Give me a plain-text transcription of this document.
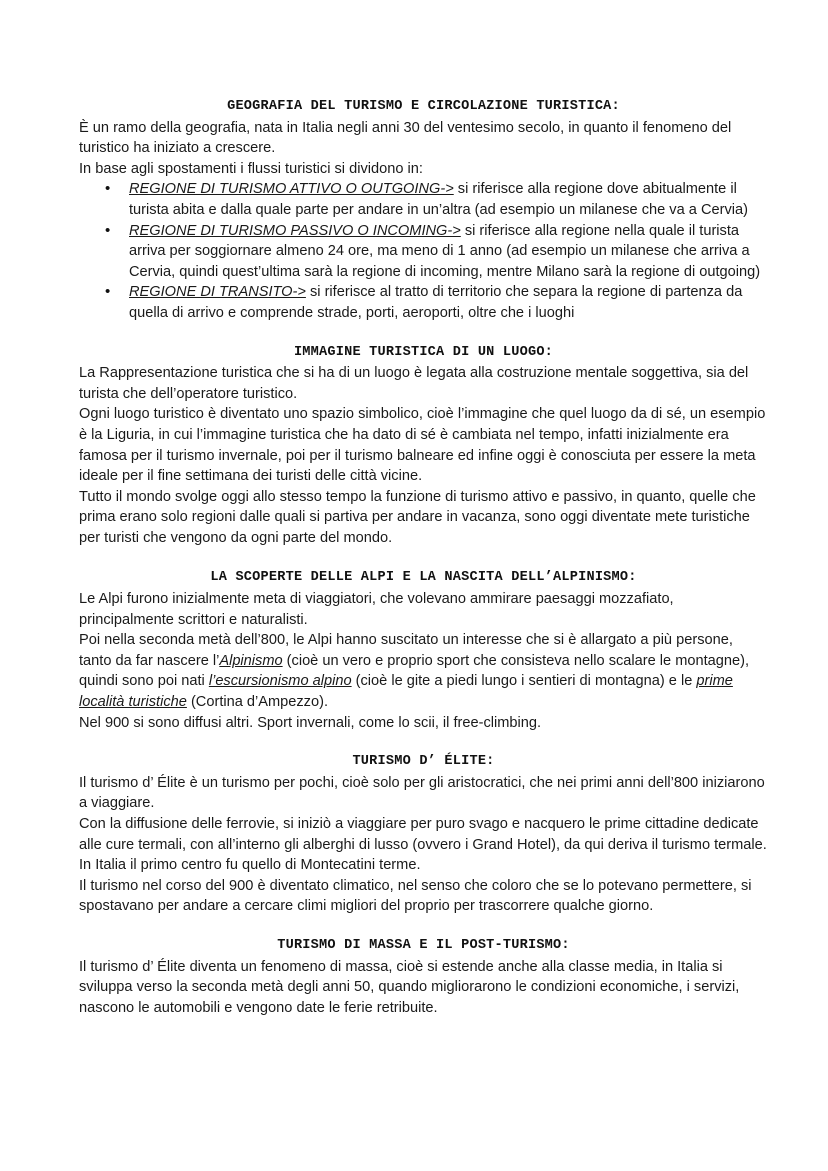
GEOGRAFIA DEL TURISMO E CIRCOLAZIONE TURISTICA:

È un ramo della geografia, nata in Italia negli anni 30 del ventesimo secolo, in quanto il fenomeno del turistico ha iniziato a crescere.

In base agli spostamenti i flussi turistici si dividono in:

• REGIONE DI TURISMO ATTIVO O OUTGOING-> si riferisce alla regione dove abitualmente il turista abita e dalla quale parte per andare in un’altra (ad esempio un milanese che va a Cervia)
• REGIONE DI TURISMO PASSIVO O INCOMING-> si riferisce alla regione nella quale il turista arriva per soggiornare almeno 24 ore, ma meno di 1 anno (ad esempio un milanese che arriva a Cervia, quindi quest’ultima sarà la regione di incoming, mentre Milano sarà la regione di outgoing)
• REGIONE DI TRANSITO-> si riferisce al tratto di territorio che separa la regione di partenza da quella di arrivo e comprende strade, porti, aeroporti, oltre che i luoghi
IMMAGINE TURISTICA DI UN LUOGO:

La Rappresentazione turistica che si ha di un luogo è legata alla costruzione mentale soggettiva, sia del turista che dell’operatore turistico.

Ogni luogo turistico è diventato uno spazio simbolico, cioè l’immagine che quel luogo da di sé, un esempio è la Liguria, in cui l’immagine turistica che ha dato di sé è cambiata nel tempo, infatti inizialmente era famosa per il turismo invernale, poi per il turismo balneare ed infine oggi è conosciuta per essere la meta ideale per il fine settimana dei turisti delle città vicine.

Tutto il mondo svolge oggi allo stesso tempo la funzione di turismo attivo e passivo, in quanto, quelle che prima erano solo regioni dalle quali si partiva per andare in vacanza, sono oggi diventate mete turistiche per turisti che vengono da ogni parte del mondo.

LA SCOPERTE DELLE ALPI E LA NASCITA DELL’ALPINISMO:

Le Alpi furono inizialmente meta di viaggiatori, che volevano ammirare paesaggi mozzafiato, principalmente scrittori e naturalisti.

Poi nella seconda metà dell’800, le Alpi hanno suscitato un interesse che si è allargato a più persone, tanto da far nascere l’Alpinismo (cioè un vero e proprio sport che consisteva nello scalare le montagne), quindi sono poi nati l’escursionismo alpino (cioè le gite a piedi lungo i sentieri di montagna) e le prime località turistiche (Cortina d’Ampezzo).

Nel 900 si sono diffusi altri. Sport invernali, come lo scii, il free-climbing.

TURISMO D’ ÉLITE:

Il turismo d’ Élite è un turismo per pochi, cioè solo per gli aristocratici, che nei primi anni dell’800 iniziarono a viaggiare.

Con la diffusione delle ferrovie, si iniziò a viaggiare per puro svago e nacquero le prime cittadine dedicate alle cure termali, con all’interno gli alberghi di lusso (ovvero i Grand Hotel), da qui deriva il turismo termale.

In Italia il primo centro fu quello di Montecatini terme.

Il turismo nel corso del 900 è diventato climatico, nel senso che coloro che se lo potevano permettere, si spostavano per andare a cercare climi migliori del proprio per trascorrere qualche giorno.

TURISMO DI MASSA E IL POST-TURISMO:

Il turismo d’ Élite diventa un fenomeno di massa, cioè si estende anche alla classe media, in Italia si sviluppa verso la seconda metà degli anni 50, quando migliorarono le condizioni economiche, i servizi, nascono le automobili e vengono date le ferie retribuite.
